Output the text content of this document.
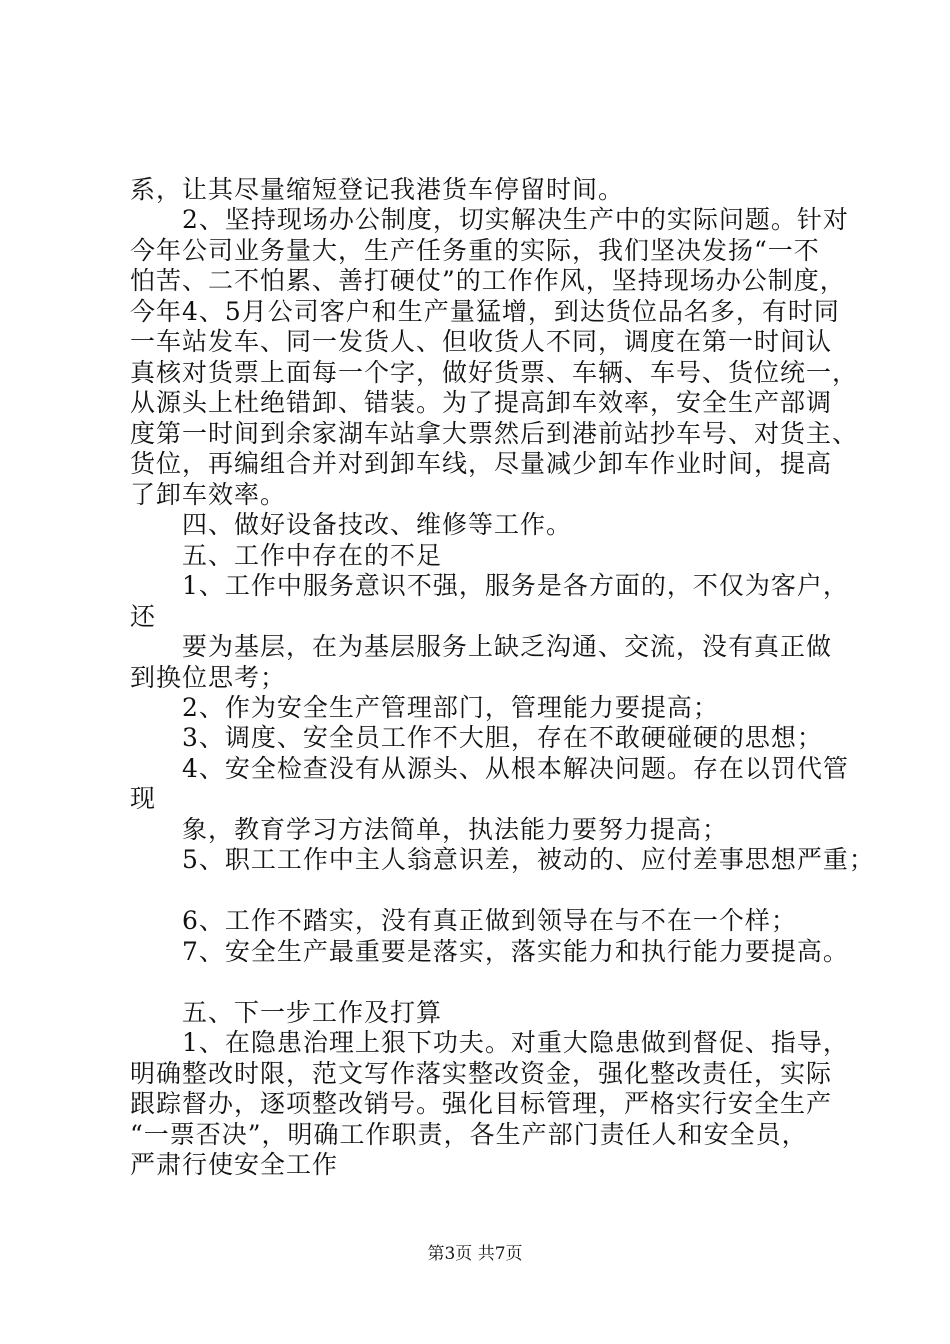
系，让其尽量缩短登记我港货车停留时间。
　　2、坚持现场办公制度，切实解决生产中的实际问题。针对
今年公司业务量大，生产任务重的实际，我们坚决发扬“一不
怕苦、二不怕累、善打硬仗”的工作作风，坚持现场办公制度，
今年4、5月公司客户和生产量猛增，到达货位品名多，有时同
一车站发车、同一发货人、但收货人不同，调度在第一时间认
真核对货票上面每一个字，做好货票、车辆、车号、货位统一，
从源头上杜绝错卸、错装。为了提高卸车效率，安全生产部调
度第一时间到余家湖车站拿大票然后到港前站抄车号、对货主、
货位，再编组合并对到卸车线，尽量减少卸车作业时间，提高
了卸车效率。
　　四、做好设备技改、维修等工作。
　　五、工作中存在的不足
　　1、工作中服务意识不强，服务是各方面的，不仅为客户，
还
　　要为基层，在为基层服务上缺乏沟通、交流，没有真正做
到换位思考；
　　2、作为安全生产管理部门，管理能力要提高；
　　3、调度、安全员工作不大胆，存在不敢硬碰硬的思想；
　　4、安全检查没有从源头、从根本解决问题。存在以罚代管
现
　　象，教育学习方法简单，执法能力要努力提高；
　　5、职工工作中主人翁意识差，被动的、应付差事思想严重；
　　6、工作不踏实，没有真正做到领导在与不在一个样；
　　7、安全生产最重要是落实，落实能力和执行能力要提高。
　　五、下一步工作及打算
　　1、在隐患治理上狠下功夫。对重大隐患做到督促、指导，
明确整改时限，范文写作落实整改资金，强化整改责任，实际
跟踪督办，逐项整改销号。强化目标管理，严格实行安全生产
“一票否决”，明确工作职责，各生产部门责任人和安全员，
严肃行使安全工作
第3页 共7页
